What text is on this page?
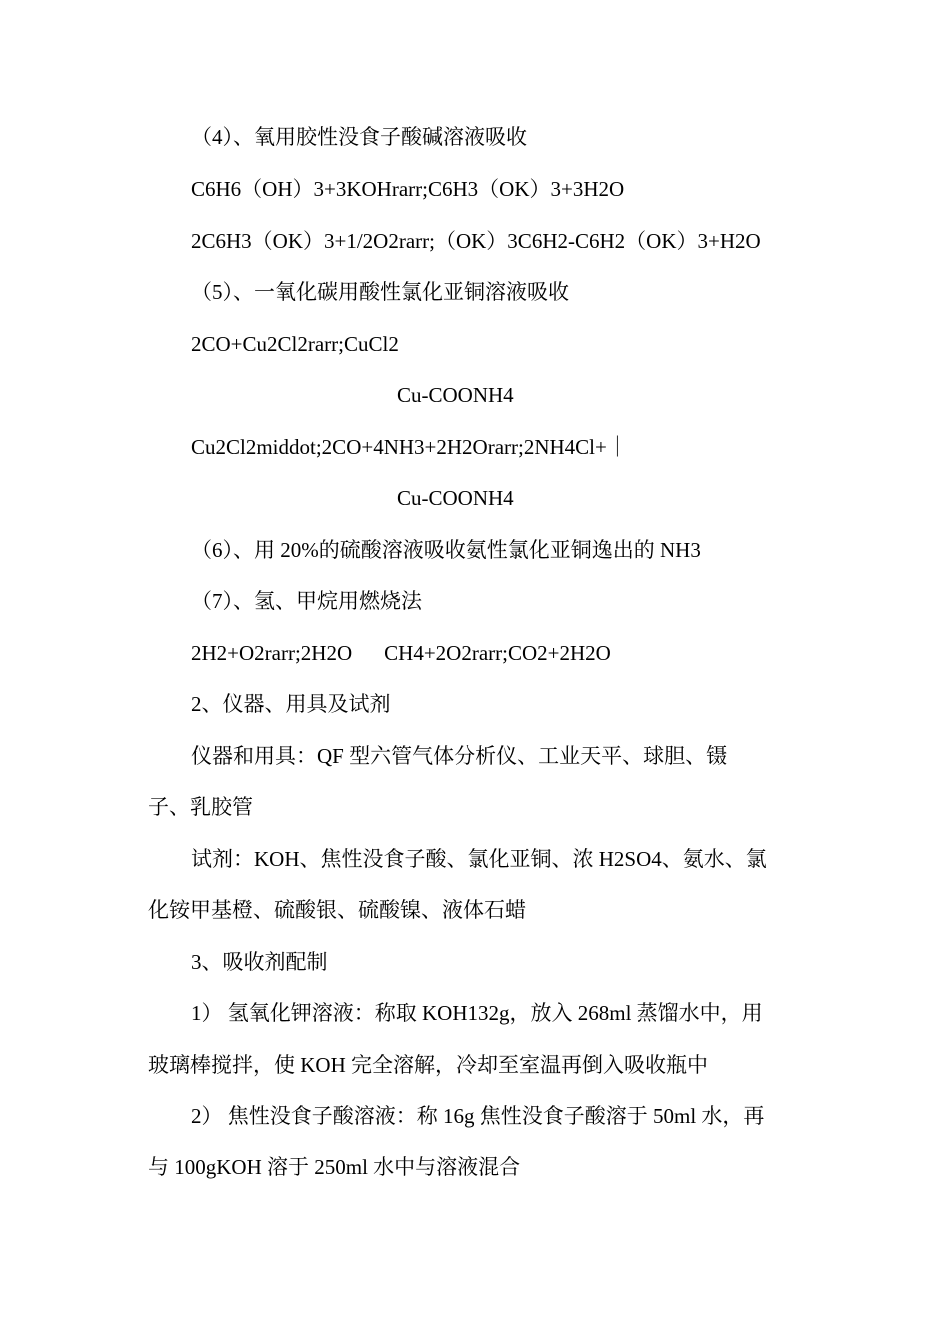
（4）、氧用胶性没食子酸碱溶液吸收
C6H6（OH）3+3KOHrarr;C6H3（OK）3+3H2O
2C6H3（OK）3+1/2O2rarr;（OK）3C6H2-C6H2（OK）3+H2O
（5）、一氧化碳用酸性氯化亚铜溶液吸收
2CO+Cu2Cl2rarr;CuCl2
Cu-COONH4
Cu2Cl2middot;2CO+4NH3+2H2Orarr;2NH4Cl+｜
Cu-COONH4
（6）、用 20%的硫酸溶液吸收氨性氯化亚铜逸出的 NH3
（7）、氢、甲烷用燃烧法
2H2+O2rarr;2H2O CH4+2O2rarr;CO2+2H2O
2、仪器、用具及试剂
仪器和用具：QF 型六管气体分析仪、工业天平、球胆、镊
子、乳胶管
试剂：KOH、焦性没食子酸、氯化亚铜、浓 H2SO4、氨水、氯
化铵甲基橙、硫酸银、硫酸镍、液体石蜡
3、吸收剂配制
1） 氢氧化钾溶液：称取 KOH132g，放入 268ml 蒸馏水中，用
玻璃棒搅拌，使 KOH 完全溶解，冷却至室温再倒入吸收瓶中
2） 焦性没食子酸溶液：称 16g 焦性没食子酸溶于 50ml 水，再
与 100gKOH 溶于 250ml 水中与溶液混合
